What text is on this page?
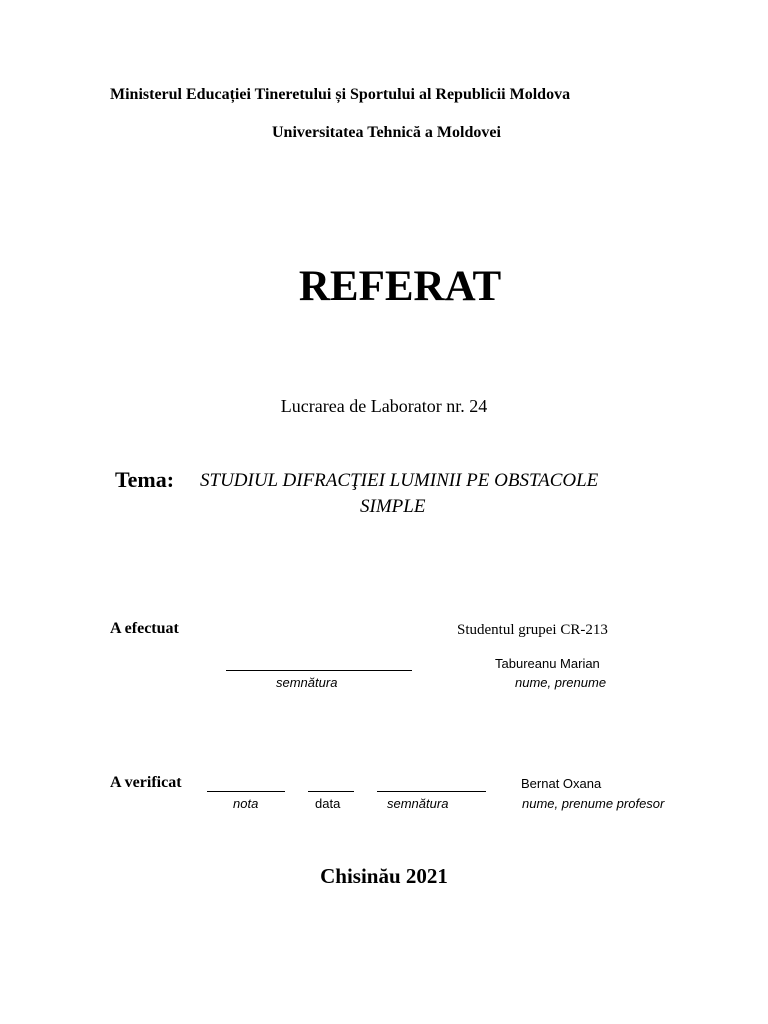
Ministerul Educației Tineretului și Sportului al Republicii Moldova
Universitatea Tehnică a Moldovei
REFERAT
Lucrarea de Laborator nr. 24
Tema: STUDIUL DIFRACŢIEI LUMINII PE OBSTACOLE
SIMPLE
A efectuat	Studentul grupei CR-213
Tabureanu Marian
semnătura	nume, prenume
A verificat	Bernat Oxana
nota	data	semnătura	nume, prenume profesor
Chisinău 2021
